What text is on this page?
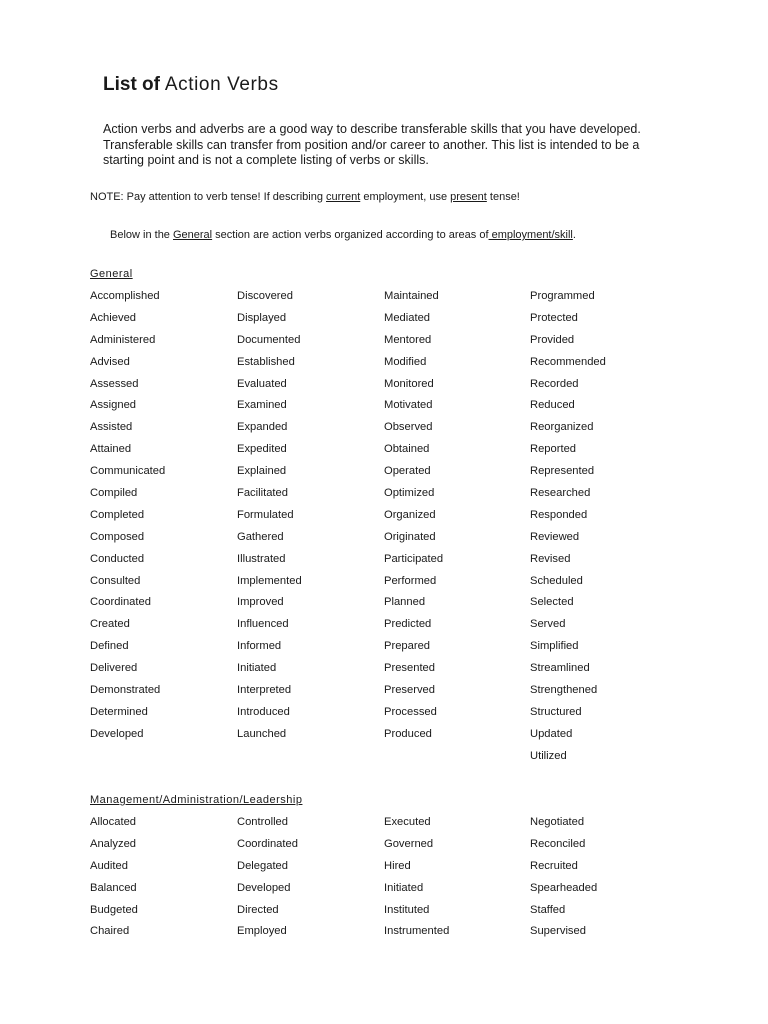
List of Action Verbs

Action verbs and adverbs are a good way to describe transferable skills that you have developed. Transferable skills can transfer from position and/or career to another. This list is intended to be a starting point and is not a complete listing of verbs or skills.

NOTE: Pay attention to verb tense! If describing current employment, use present tense!

Below in the General section are action verbs organized according to areas of employment/skill.

General
Accomplished
Achieved
Administered
Advised
Assessed
Assigned
Assisted
Attained
Communicated
Compiled
Completed
Composed
Conducted
Consulted
Coordinated
Created
Defined
Delivered
Demonstrated
Determined
Developed
Discovered
Displayed
Documented
Established
Evaluated
Examined
Expanded
Expedited
Explained
Facilitated
Formulated
Gathered
Illustrated
Implemented
Improved
Influenced
Informed
Initiated
Interpreted
Introduced
Launched
Maintained
Mediated
Mentored
Modified
Monitored
Motivated
Observed
Obtained
Operated
Optimized
Organized
Originated
Participated
Performed
Planned
Predicted
Prepared
Presented
Preserved
Processed
Produced
Programmed
Protected
Provided
Recommended
Recorded
Reduced
Reorganized
Reported
Represented
Researched
Responded
Reviewed
Revised
Scheduled
Selected
Served
Simplified
Streamlined
Strengthened
Structured
Updated
Utilized
Management/Administration/Leadership
Allocated
Analyzed
Audited
Balanced
Budgeted
Chaired
Controlled
Coordinated
Delegated
Developed
Directed
Employed
Executed
Governed
Hired
Initiated
Instituted
Instrumented
Negotiated
Reconciled
Recruited
Spearheaded
Staffed
Supervised
